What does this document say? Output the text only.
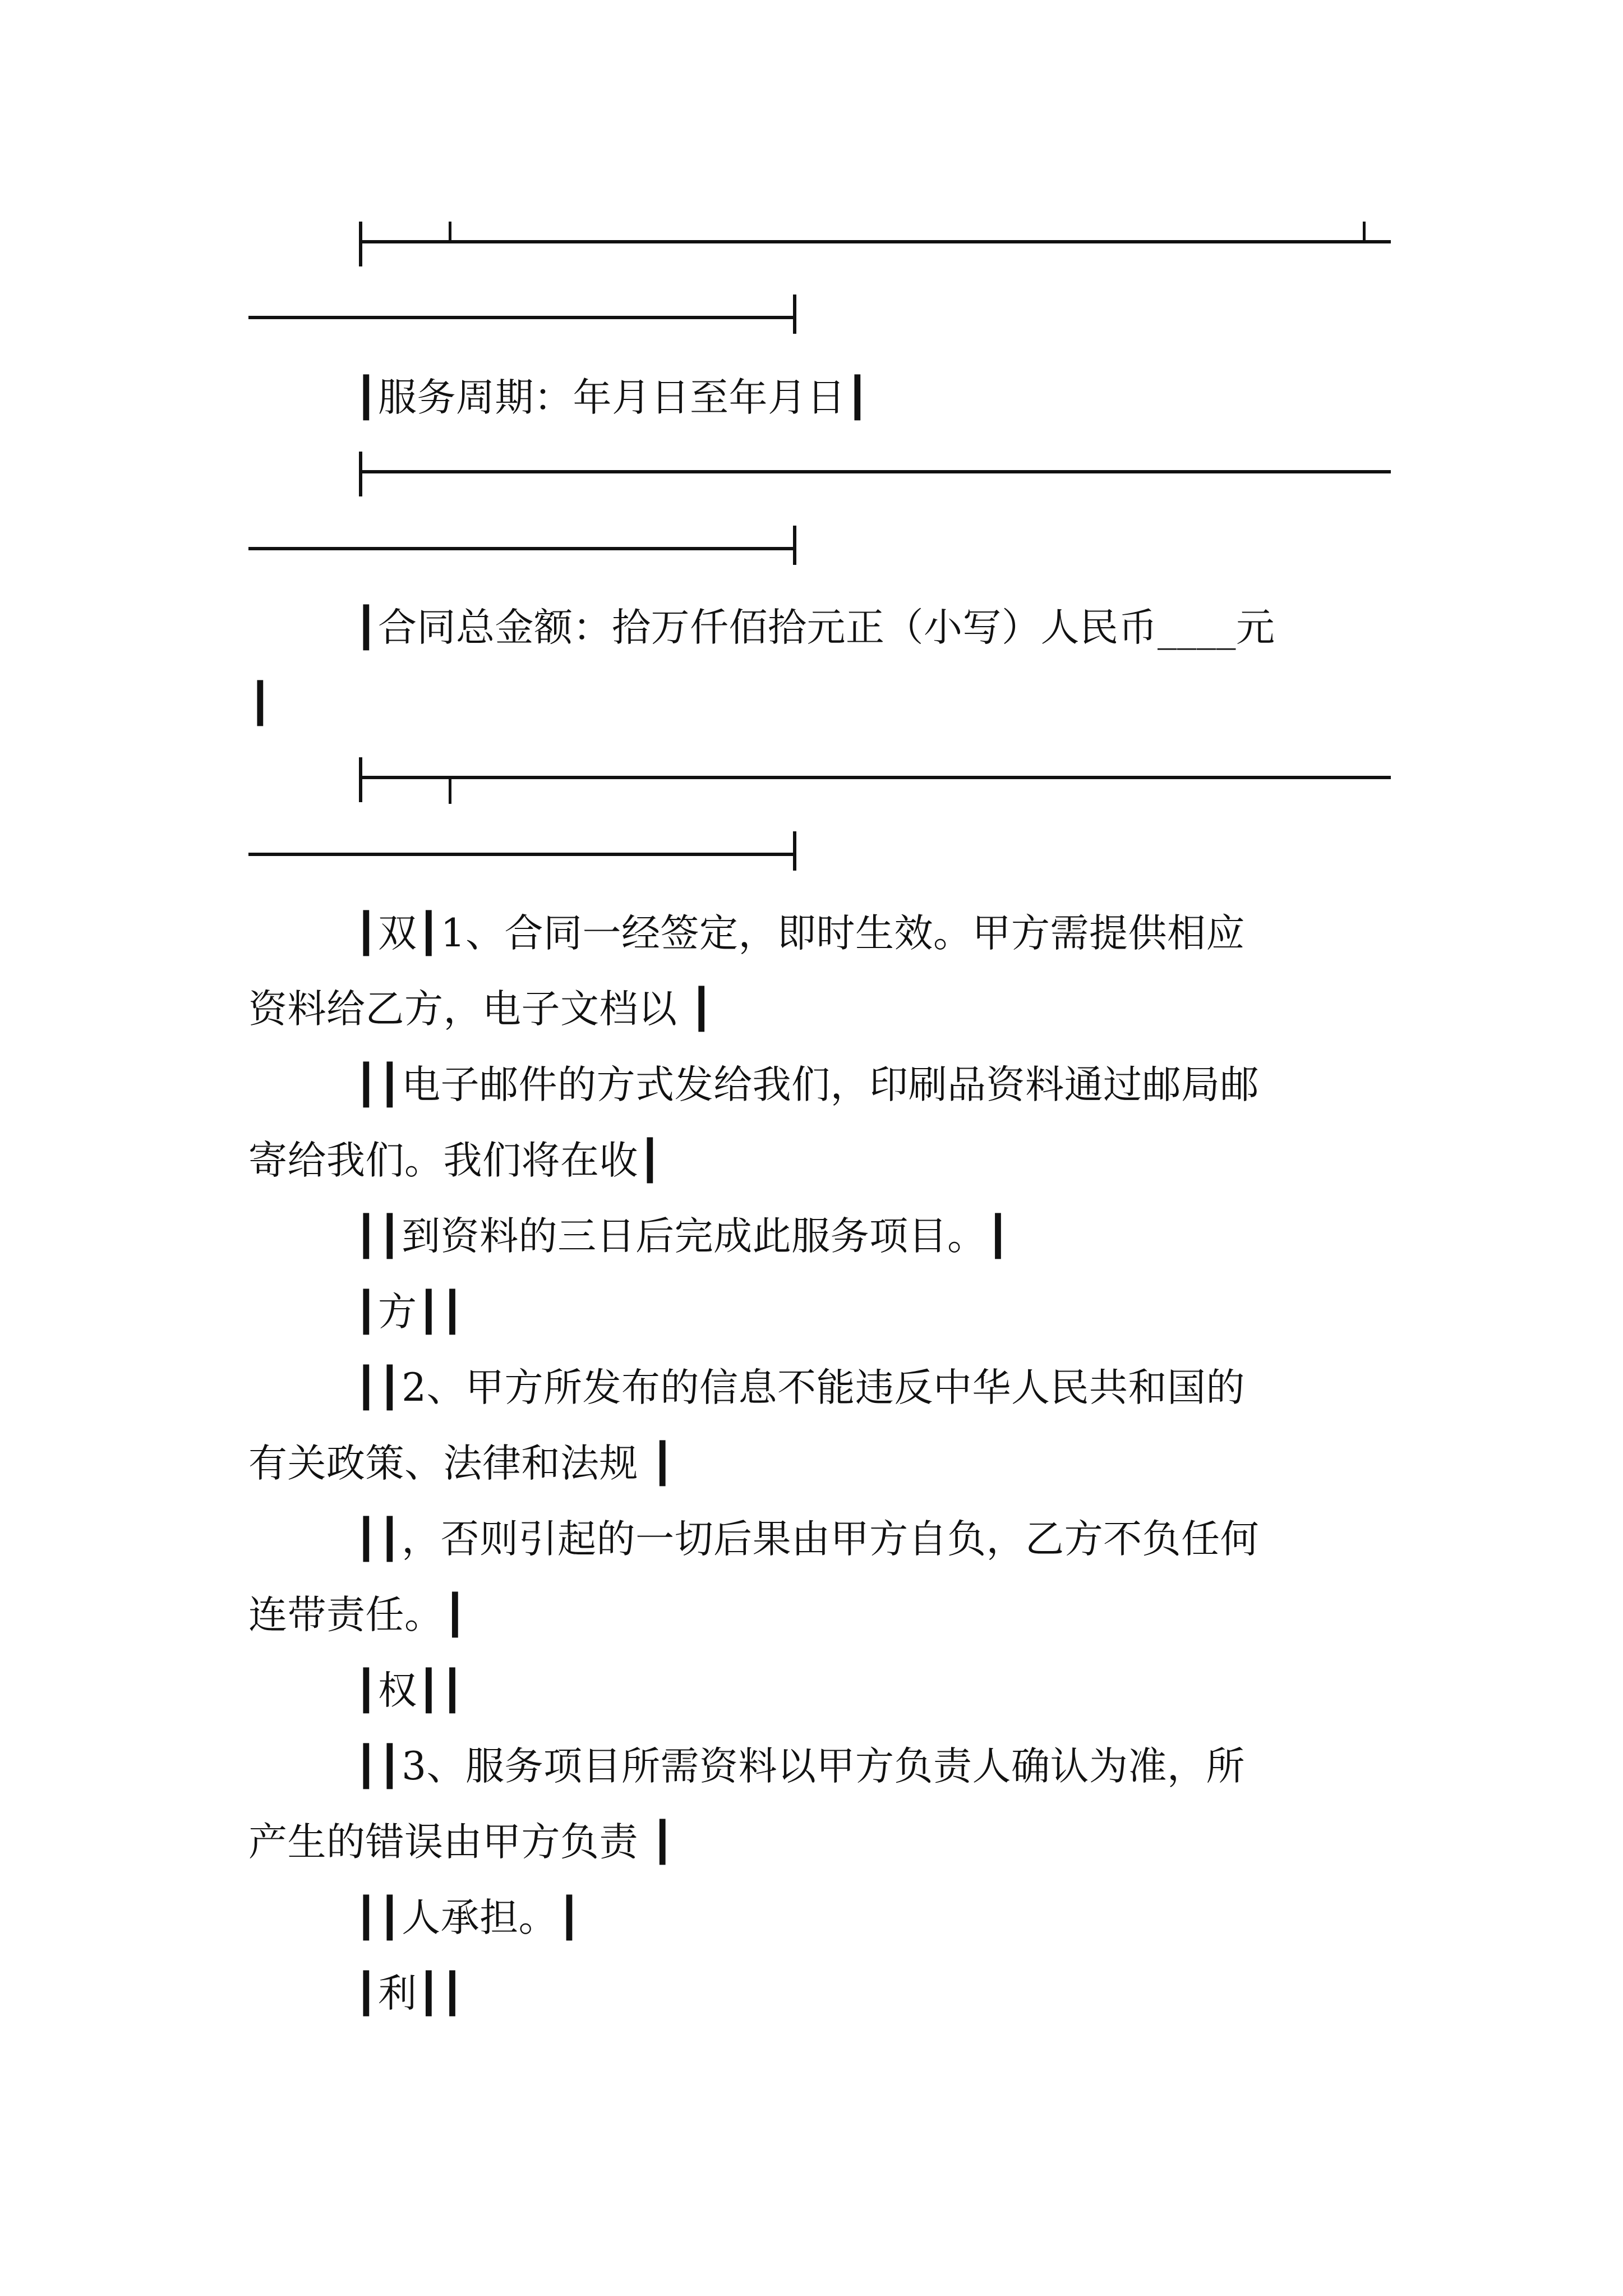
┃服务周期：年月日至年月日┃
┃合同总金额：拾万仟佰拾元正（小写）人民币____元
┃
┃双┃1、合同一经签定，即时生效。甲方需提供相应
资料给乙方，电子文档以 ┃
┃┃电子邮件的方式发给我们，印刷品资料通过邮局邮
寄给我们。我们将在收┃
┃┃到资料的三日后完成此服务项目。┃
┃方┃┃
┃┃2、甲方所发布的信息不能违反中华人民共和国的
有关政策、法律和法规 ┃
┃┃，否则引起的一切后果由甲方自负，乙方不负任何
连带责任。┃
┃权┃┃
┃┃3、服务项目所需资料以甲方负责人确认为准，所
产生的错误由甲方负责 ┃
┃┃人承担。┃
┃利┃┃
